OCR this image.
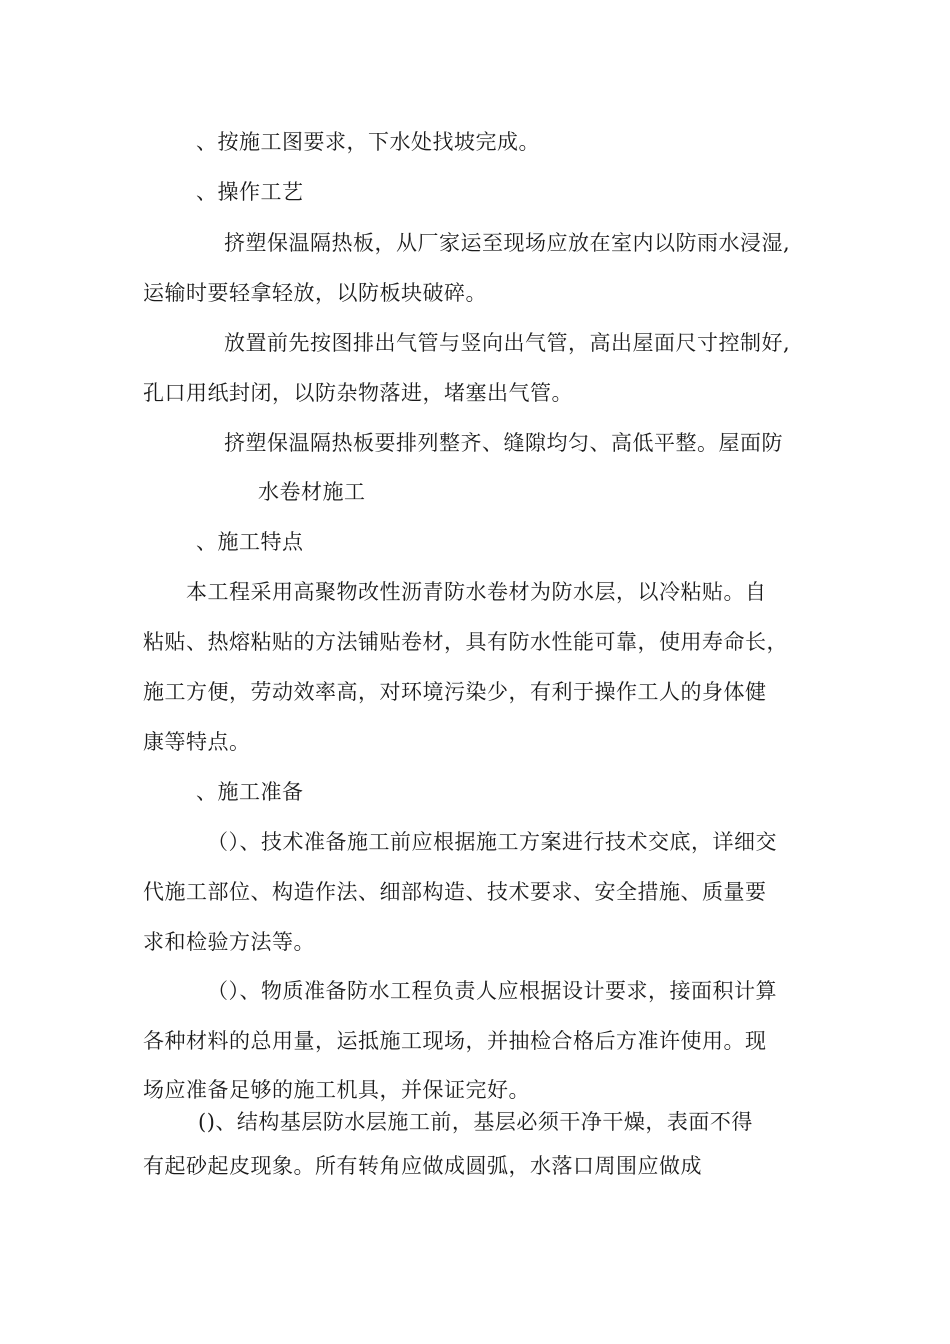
、按施工图要求，下水处找坡完成。
、操作工艺
挤塑保温隔热板，从厂家运至现场应放在室内以防雨水浸湿,
运输时要轻拿轻放，以防板块破碎。
放置前先按图排出气管与竖向出气管，高出屋面尺寸控制好,
孔口用纸封闭，以防杂物落进，堵塞出气管。
挤塑保温隔热板要排列整齐、缝隙均匀、高低平整。屋面防
水卷材施工
、施工特点
本工程采用高聚物改性沥青防水卷材为防水层，以冷粘贴。自
粘贴、热熔粘贴的方法铺贴卷材，具有防水性能可靠，使用寿命长，
施工方便，劳动效率高，对环境污染少，有利于操作工人的身体健
康等特点。
、施工准备
（）、技术准备施工前应根据施工方案进行技术交底，详细交
代施工部位、构造作法、细部构造、技术要求、安全措施、质量要
求和检验方法等。
（）、物质准备防水工程负责人应根据设计要求，接面积计算
各种材料的总用量，运抵施工现场，并抽检合格后方准许使用。现
场应准备足够的施工机具，并保证完好。
()、结构基层防水层施工前，基层必须干净干燥，表面不得
有起砂起皮现象。所有转角应做成圆弧，水落口周围应做成
